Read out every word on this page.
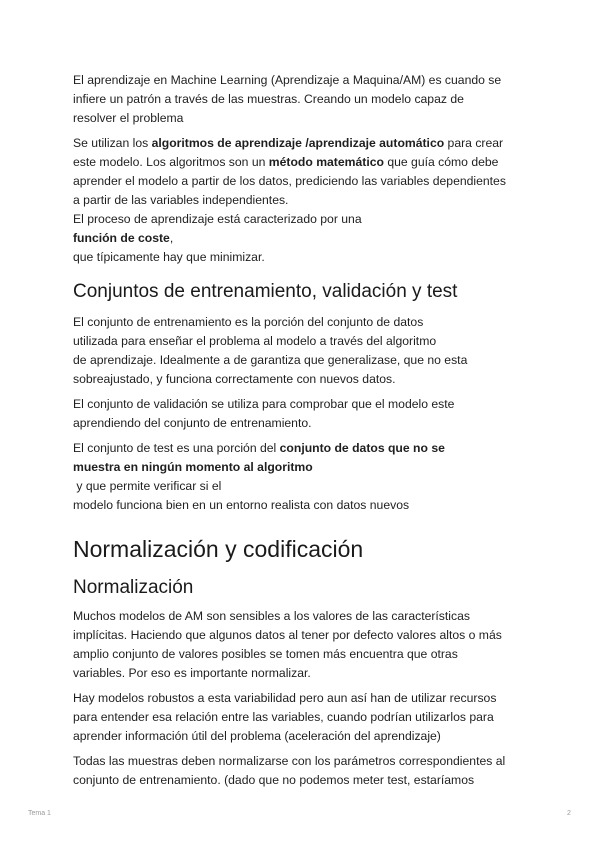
El aprendizaje en Machine Learning (Aprendizaje a Maquina/AM) es cuando se
infiere un patrón a través de las muestras. Creando un modelo capaz de
resolver el problema

Se utilizan los algoritmos de aprendizaje /aprendizaje automático para crear
este modelo. Los algoritmos son un método matemático que guía cómo debe
aprender el modelo a partir de los datos, prediciendo las variables dependientes
a partir de las variables independientes.
El proceso de aprendizaje está caracterizado por una
función de coste,
que típicamente hay que minimizar.

Conjuntos de entrenamiento, validación y test

El conjunto de entrenamiento es la porción del conjunto de datos
utilizada para enseñar el problema al modelo a través del algoritmo
de aprendizaje. Idealmente a de garantiza que generalizase, que no esta
sobreajustado, y funciona correctamente con nuevos datos.

El conjunto de validación se utiliza para comprobar que el modelo este
aprendiendo del conjunto de entrenamiento.

El conjunto de test es una porción del conjunto de datos que no se
muestra en ningún momento al algoritmo
y que permite verificar si el
modelo funciona bien en un entorno realista con datos nuevos

Normalización y codificación
Normalización

Muchos modelos de AM son sensibles a los valores de las características
implícitas. Haciendo que algunos datos al tener por defecto valores altos o más
amplio conjunto de valores posibles se tomen más encuentra que otras
variables. Por eso es importante normalizar.

Hay modelos robustos a esta variabilidad pero aun así han de utilizar recursos
para entender esa relación entre las variables, cuando podrían utilizarlos para
aprender información útil del problema (aceleración del aprendizaje)

Todas las muestras deben normalizarse con los parámetros correspondientes al
conjunto de entrenamiento. (dado que no podemos meter test, estaríamos

Tema 1	2
